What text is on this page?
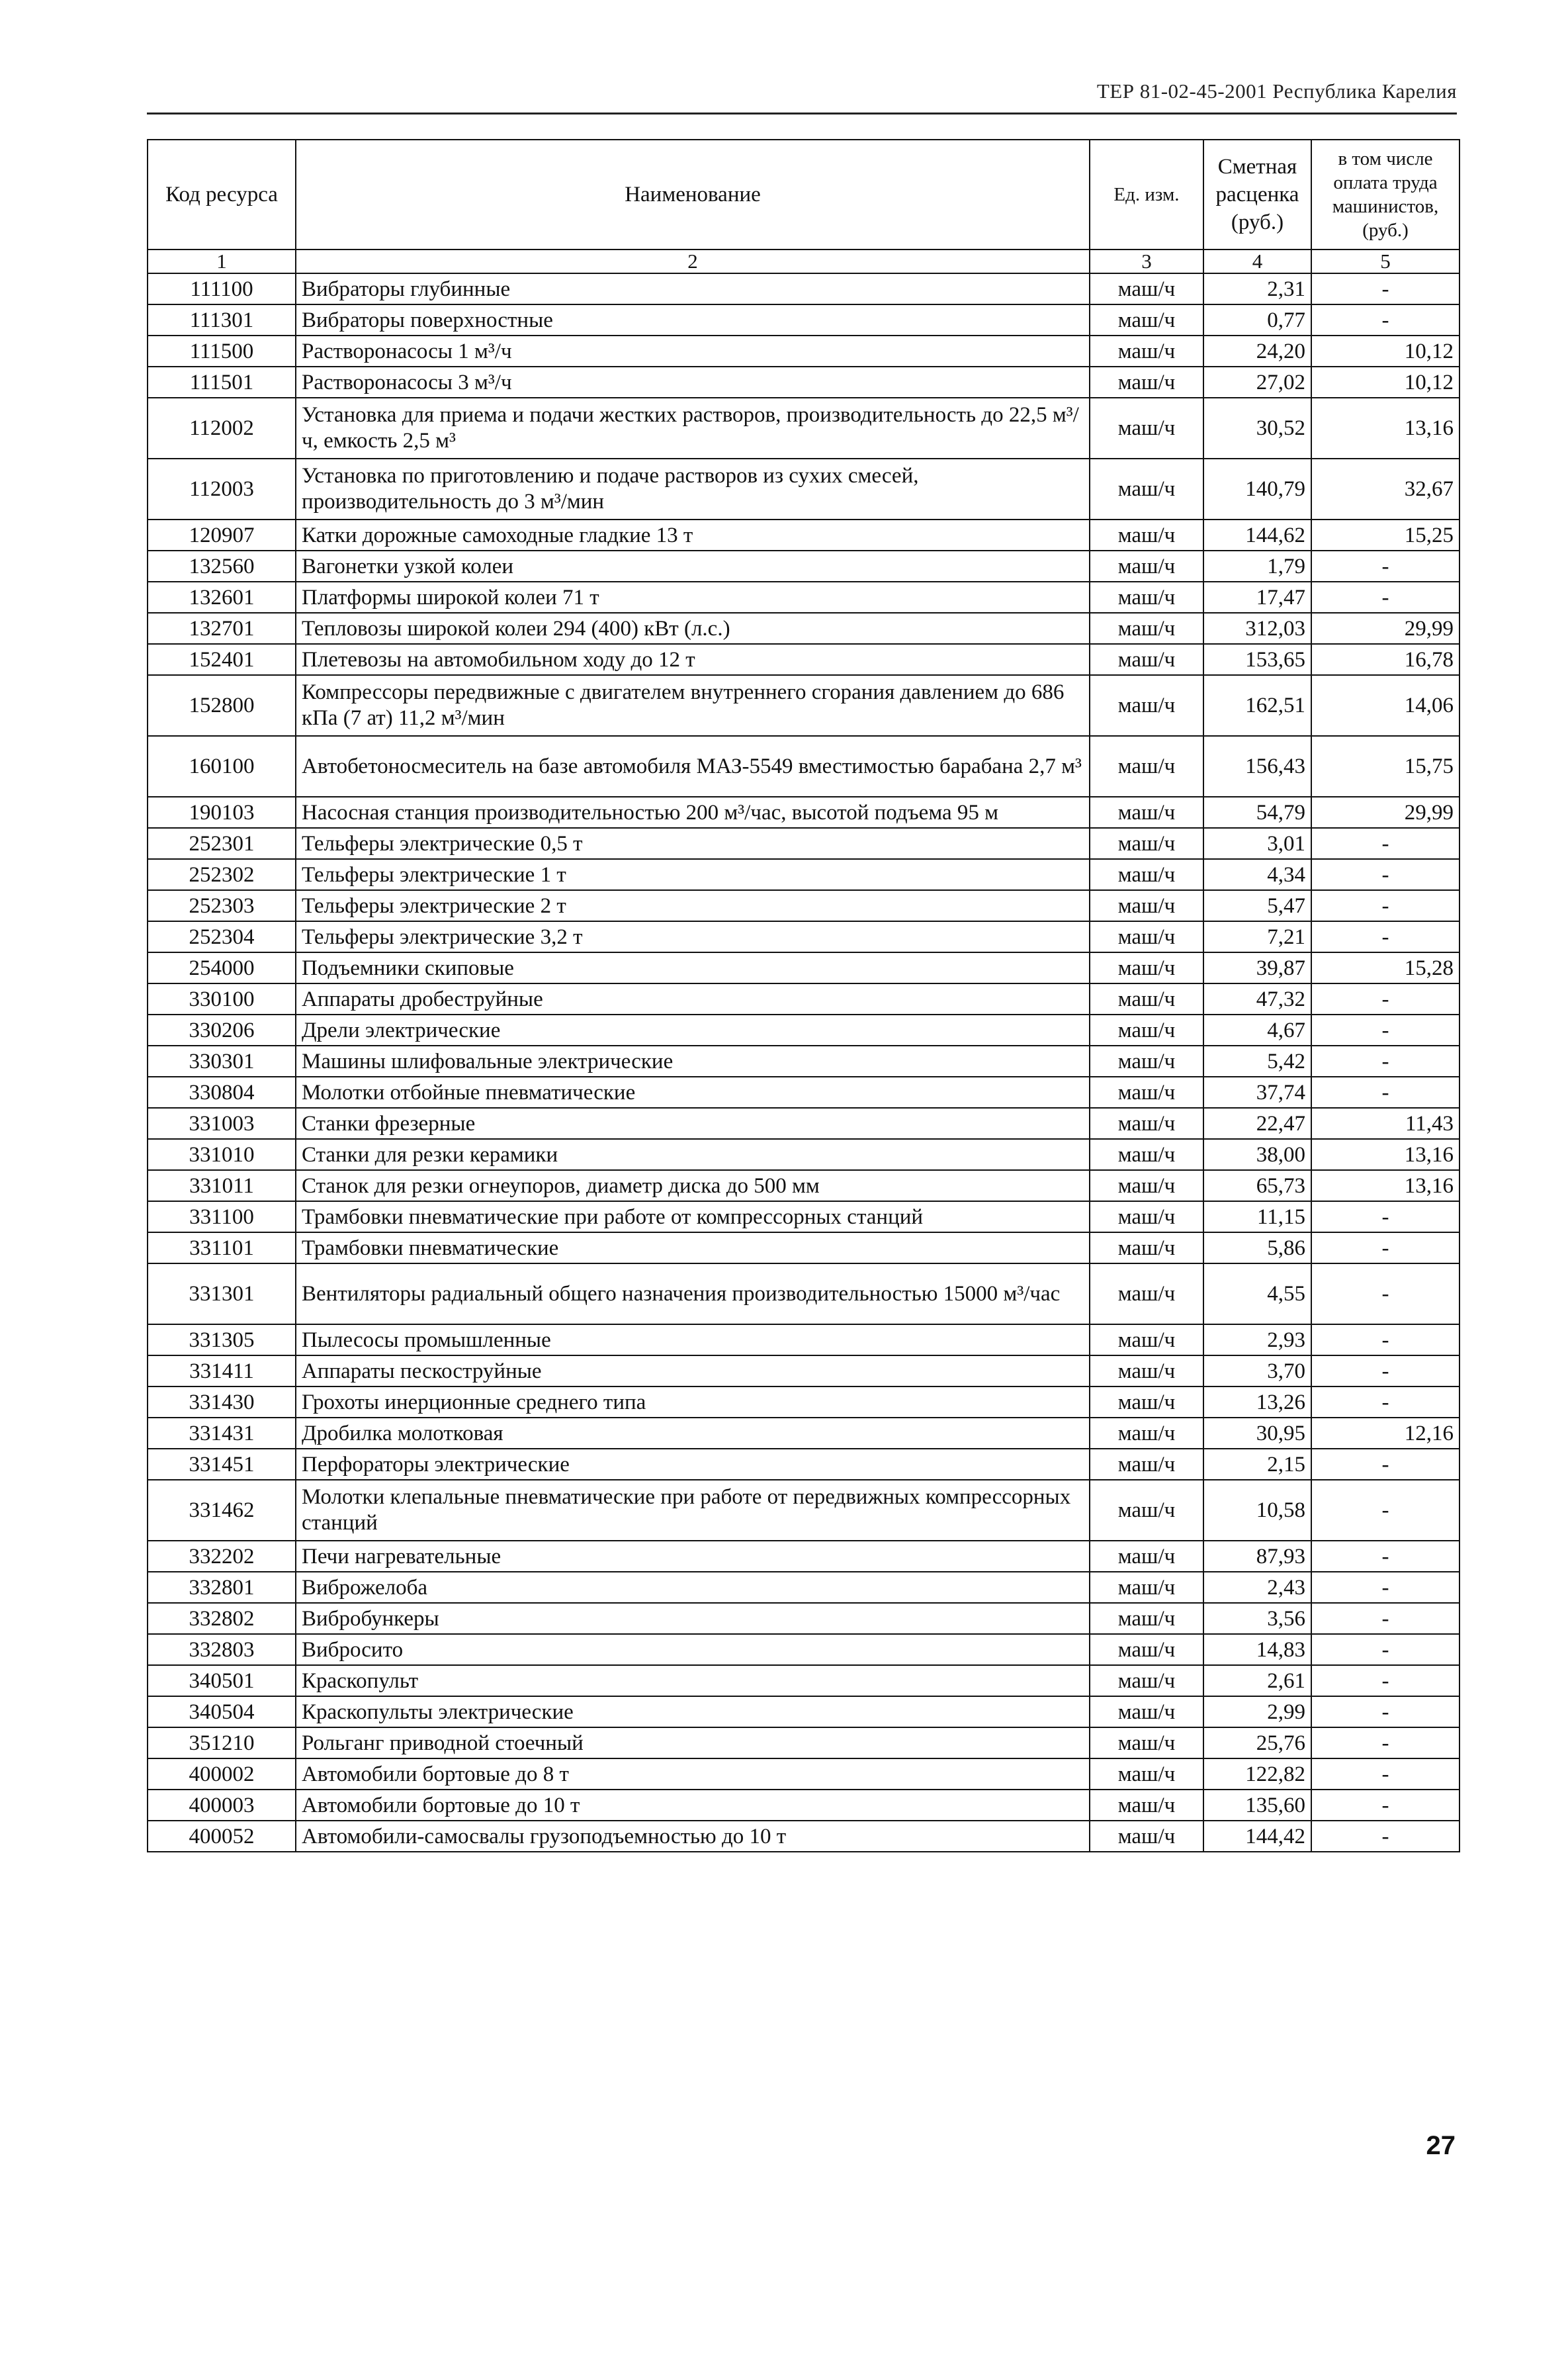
ТЕР 81-02-45-2001 Республика Карелия
Код ресурса	Наименование	Ед. изм.	Сметная расценка (руб.)	в том числе оплата труда машинистов, (руб.)
1	2	3	4	5
111100	Вибраторы глубинные	маш/ч	2,31	-
111301	Вибраторы поверхностные	маш/ч	0,77	-
111500	Растворонасосы 1 м³/ч	маш/ч	24,20	10,12
111501	Растворонасосы 3 м³/ч	маш/ч	27,02	10,12
112002	Установка для приема и подачи жестких растворов, производительность до 22,5 м³/ч, емкость 2,5 м³	маш/ч	30,52	13,16
112003	Установка по приготовлению и подаче растворов из сухих смесей, производительность до 3 м³/мин	маш/ч	140,79	32,67
120907	Катки дорожные самоходные гладкие 13 т	маш/ч	144,62	15,25
132560	Вагонетки узкой колеи	маш/ч	1,79	-
132601	Платформы широкой колеи 71 т	маш/ч	17,47	-
132701	Тепловозы широкой колеи 294 (400) кВт (л.с.)	маш/ч	312,03	29,99
152401	Плетевозы на автомобильном ходу до 12 т	маш/ч	153,65	16,78
152800	Компрессоры передвижные с двигателем внутреннего сгорания давлением до 686 кПа (7 ат) 11,2 м³/мин	маш/ч	162,51	14,06
160100	Автобетоносмеситель на базе автомобиля МАЗ-5549 вместимостью барабана 2,7 м³	маш/ч	156,43	15,75
190103	Насосная станция производительностью 200 м³/час, высотой подъема 95 м	маш/ч	54,79	29,99
252301	Тельферы электрические 0,5 т	маш/ч	3,01	-
252302	Тельферы электрические 1 т	маш/ч	4,34	-
252303	Тельферы электрические 2 т	маш/ч	5,47	-
252304	Тельферы электрические 3,2 т	маш/ч	7,21	-
254000	Подъемники скиповые	маш/ч	39,87	15,28
330100	Аппараты дробеструйные	маш/ч	47,32	-
330206	Дрели электрические	маш/ч	4,67	-
330301	Машины шлифовальные электрические	маш/ч	5,42	-
330804	Молотки отбойные пневматические	маш/ч	37,74	-
331003	Станки фрезерные	маш/ч	22,47	11,43
331010	Станки для резки керамики	маш/ч	38,00	13,16
331011	Станок для резки огнеупоров, диаметр диска до 500 мм	маш/ч	65,73	13,16
331100	Трамбовки пневматические при работе от компрессорных станций	маш/ч	11,15	-
331101	Трамбовки пневматические	маш/ч	5,86	-
331301	Вентиляторы радиальный общего назначения производительностью 15000 м³/час	маш/ч	4,55	-
331305	Пылесосы промышленные	маш/ч	2,93	-
331411	Аппараты пескоструйные	маш/ч	3,70	-
331430	Грохоты инерционные среднего типа	маш/ч	13,26	-
331431	Дробилка молотковая	маш/ч	30,95	12,16
331451	Перфораторы электрические	маш/ч	2,15	-
331462	Молотки клепальные пневматические при работе от передвижных компрессорных станций	маш/ч	10,58	-
332202	Печи нагревательные	маш/ч	87,93	-
332801	Виброжелоба	маш/ч	2,43	-
332802	Вибробункеры	маш/ч	3,56	-
332803	Вибросито	маш/ч	14,83	-
340501	Краскопульт	маш/ч	2,61	-
340504	Краскопульты электрические	маш/ч	2,99	-
351210	Рольганг приводной стоечный	маш/ч	25,76	-
400002	Автомобили бортовые до 8 т	маш/ч	122,82	-
400003	Автомобили бортовые до 10 т	маш/ч	135,60	-
400052	Автомобили-самосвалы грузоподъемностью до 10 т	маш/ч	144,42	-
27
